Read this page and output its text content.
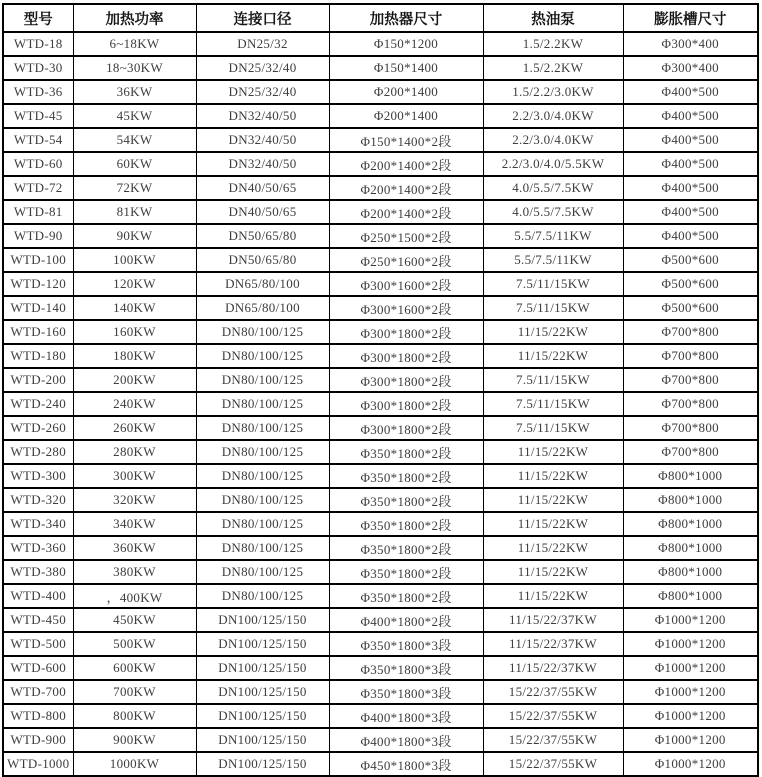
型号	加热功率	连接口径	加热器尺寸	热油泵	膨胀槽尺寸
WTD-18	6~18KW	DN25/32	Φ150*1200	1.5/2.2KW	Φ300*400
WTD-30	18~30KW	DN25/32/40	Φ150*1400	1.5/2.2KW	Φ300*400
WTD-36	36KW	DN25/32/40	Φ200*1400	1.5/2.2/3.0KW	Φ400*500
WTD-45	45KW	DN32/40/50	Φ200*1400	2.2/3.0/4.0KW	Φ400*500
WTD-54	54KW	DN32/40/50	Φ150*1400*2段	2.2/3.0/4.0KW	Φ400*500
WTD-60	60KW	DN32/40/50	Φ200*1400*2段	2.2/3.0/4.0/5.5KW	Φ400*500
WTD-72	72KW	DN40/50/65	Φ200*1400*2段	4.0/5.5/7.5KW	Φ400*500
WTD-81	81KW	DN40/50/65	Φ200*1400*2段	4.0/5.5/7.5KW	Φ400*500
WTD-90	90KW	DN50/65/80	Φ250*1500*2段	5.5/7.5/11KW	Φ400*500
WTD-100	100KW	DN50/65/80	Φ250*1600*2段	5.5/7.5/11KW	Φ500*600
WTD-120	120KW	DN65/80/100	Φ300*1600*2段	7.5/11/15KW	Φ500*600
WTD-140	140KW	DN65/80/100	Φ300*1600*2段	7.5/11/15KW	Φ500*600
WTD-160	160KW	DN80/100/125	Φ300*1800*2段	11/15/22KW	Φ700*800
WTD-180	180KW	DN80/100/125	Φ300*1800*2段	11/15/22KW	Φ700*800
WTD-200	200KW	DN80/100/125	Φ300*1800*2段	7.5/11/15KW	Φ700*800
WTD-240	240KW	DN80/100/125	Φ300*1800*2段	7.5/11/15KW	Φ700*800
WTD-260	260KW	DN80/100/125	Φ300*1800*2段	7.5/11/15KW	Φ700*800
WTD-280	280KW	DN80/100/125	Φ350*1800*2段	11/15/22KW	Φ700*800
WTD-300	300KW	DN80/100/125	Φ350*1800*2段	11/15/22KW	Φ800*1000
WTD-320	320KW	DN80/100/125	Φ350*1800*2段	11/15/22KW	Φ800*1000
WTD-340	340KW	DN80/100/125	Φ350*1800*2段	11/15/22KW	Φ800*1000
WTD-360	360KW	DN80/100/125	Φ350*1800*2段	11/15/22KW	Φ800*1000
WTD-380	380KW	DN80/100/125	Φ350*1800*2段	11/15/22KW	Φ800*1000
WTD-400	，400KW	DN80/100/125	Φ350*1800*2段	11/15/22KW	Φ800*1000
WTD-450	450KW	DN100/125/150	Φ400*1800*2段	11/15/22/37KW	Φ1000*1200
WTD-500	500KW	DN100/125/150	Φ350*1800*3段	11/15/22/37KW	Φ1000*1200
WTD-600	600KW	DN100/125/150	Φ350*1800*3段	11/15/22/37KW	Φ1000*1200
WTD-700	700KW	DN100/125/150	Φ350*1800*3段	15/22/37/55KW	Φ1000*1200
WTD-800	800KW	DN100/125/150	Φ400*1800*3段	15/22/37/55KW	Φ1000*1200
WTD-900	900KW	DN100/125/150	Φ400*1800*3段	15/22/37/55KW	Φ1000*1200
WTD-1000	1000KW	DN100/125/150	Φ450*1800*3段	15/22/37/55KW	Φ1000*1200
